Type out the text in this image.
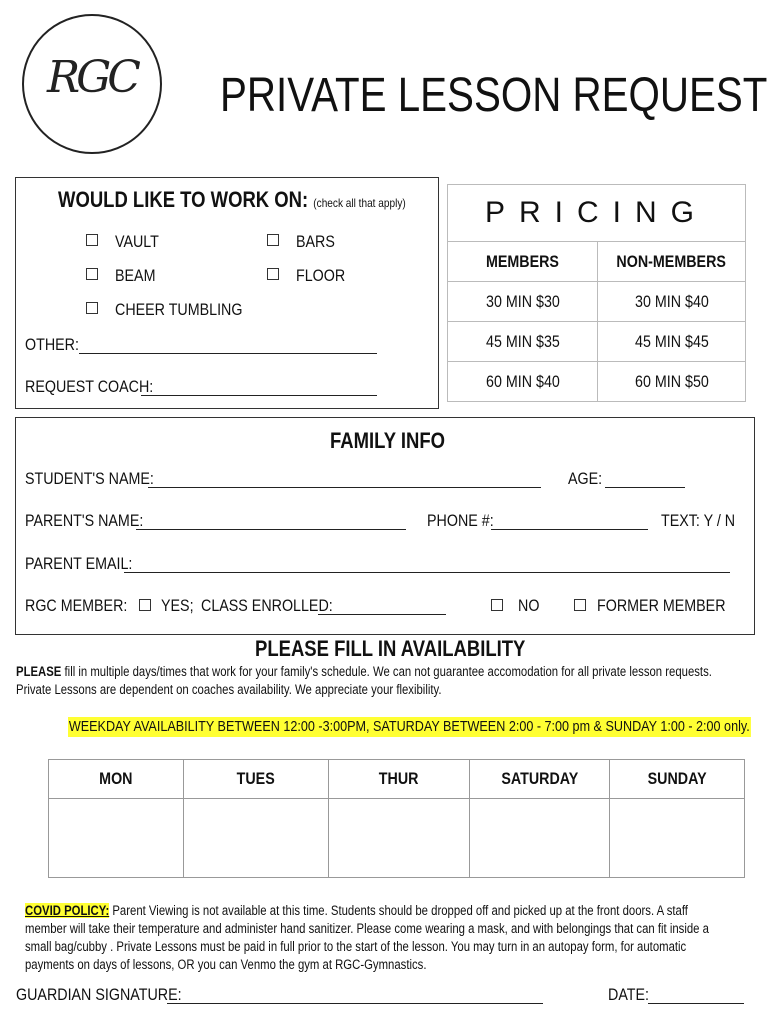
RGC	PRIVATE LESSON REQUEST
WOULD LIKE TO WORK ON: (check all that apply)
VAULT	BARS
BEAM	FLOOR
CHEER TUMBLING
OTHER:
REQUEST COACH:
PRICING	
MEMBERS	NON-MEMBERS
30 MIN $30	30 MIN $40
45 MIN $35	45 MIN $45
60 MIN $40	60 MIN $50
FAMILY INFO
STUDENT'S NAME:	AGE:
PARENT'S NAME:	PHONE #:	TEXT: Y / N
PARENT EMAIL:
RGC MEMBER: YES; CLASS ENROLLED:	NO	FORMER MEMBER
PLEASE FILL IN AVAILABILITY
PLEASE fill in multiple days/times that work for your family's schedule. We can not guarantee accomodation for all private lesson requests.
Private Lessons are dependent on coaches availability. We appreciate your flexibility.
WEEKDAY AVAILABILITY BETWEEN 12:00 -3:00PM, SATURDAY BETWEEN 2:00 - 7:00 pm & SUNDAY 1:00 - 2:00 only.
MON	TUES	THUR	SATURDAY	SUNDAY

COVID POLICY: Parent Viewing is not available at this time. Students should be dropped off and picked up at the front doors. A staff
member will take their temperature and administer hand sanitizer. Please come wearing a mask, and with belongings that can fit inside a
small bag/cubby . Private Lessons must be paid in full prior to the start of the lesson. You may turn in an autopay form, for automatic
payments on days of lessons, OR you can Venmo the gym at RGC-Gymnastics.
GUARDIAN SIGNATURE:	DATE:
